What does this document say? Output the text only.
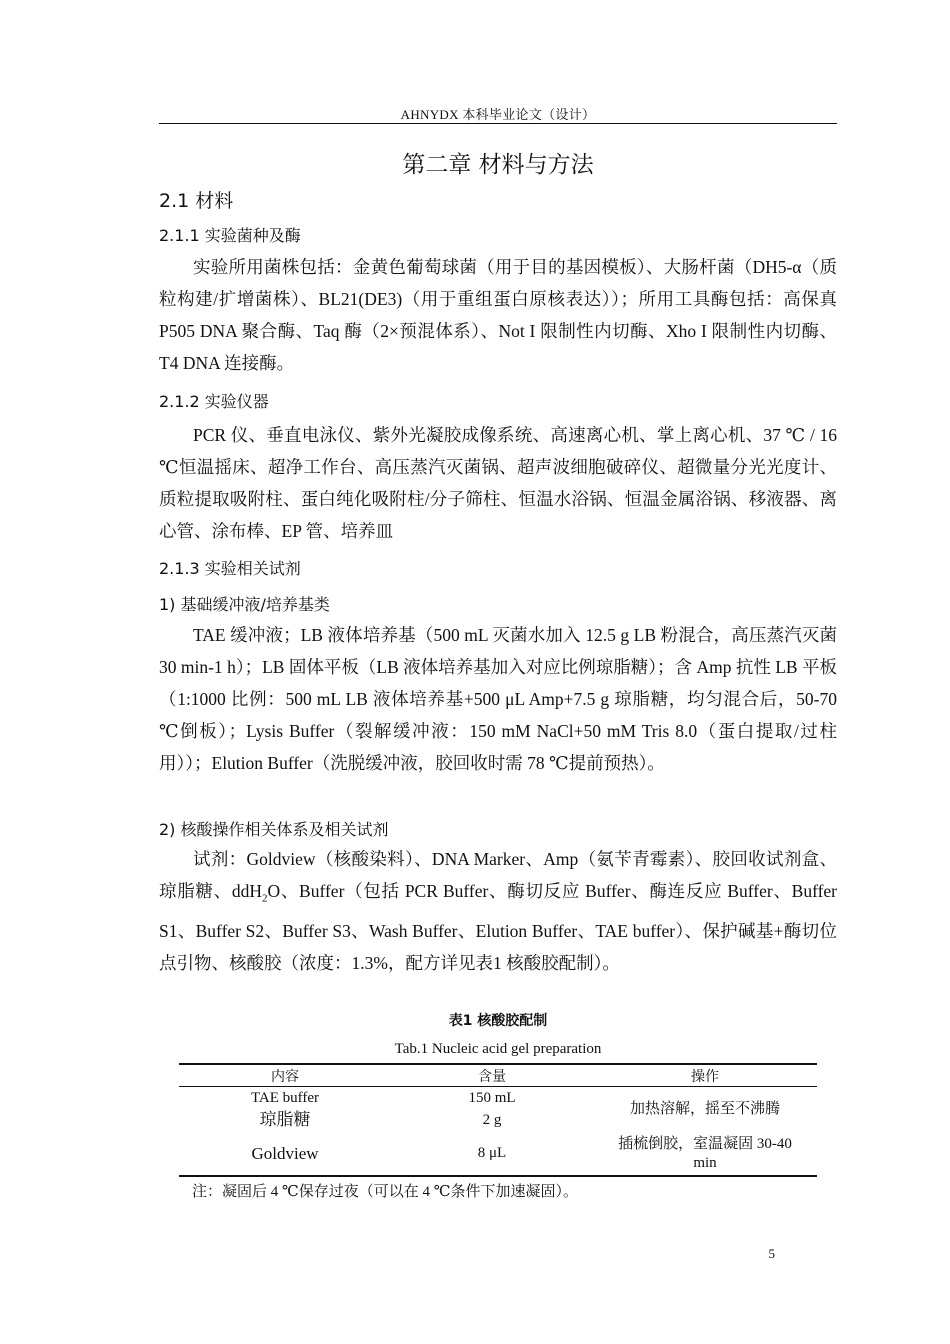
AHNYDX 本科毕业论文（设计）
第二章 材料与方法
2.1 材料
2.1.1 实验菌种及酶

实验所用菌株包括：金黄色葡萄球菌（用于目的基因模板）、大肠杆菌（DH5-α（质粒构建/扩增菌株）、BL21(DE3)（用于重组蛋白原核表达））；所用工具酶包括：高保真 P505 DNA 聚合酶、Taq 酶（2×预混体系）、Not I 限制性内切酶、Xho I 限制性内切酶、T4 DNA 连接酶。

2.1.2 实验仪器

PCR 仪、垂直电泳仪、紫外光凝胶成像系统、高速离心机、掌上离心机、37 ℃ / 16 ℃恒温摇床、超净工作台、高压蒸汽灭菌锅、超声波细胞破碎仪、超微量分光光度计、质粒提取吸附柱、蛋白纯化吸附柱/分子筛柱、恒温水浴锅、恒温金属浴锅、移液器、离心管、涂布棒、EP 管、培养皿

2.1.3 实验相关试剂
1) 基础缓冲液/培养基类

TAE 缓冲液；LB 液体培养基（500 mL 灭菌水加入 12.5 g LB 粉混合，高压蒸汽灭菌 30 min-1 h）；LB 固体平板（LB 液体培养基加入对应比例琼脂糖）；含 Amp 抗性 LB 平板（1:1000 比例：500 mL LB 液体培养基+500 μL Amp+7.5 g 琼脂糖，均匀混合后，50-70 ℃倒板）；Lysis Buffer（裂解缓冲液：150 mM NaCl+50 mM Tris 8.0（蛋白提取/过柱用））；Elution Buffer（洗脱缓冲液，胶回收时需 78 ℃提前预热）。

2) 核酸操作相关体系及相关试剂

试剂：Goldview（核酸染料）、DNA Marker、Amp（氨苄青霉素）、胶回收试剂盒、琼脂糖、ddH$_2$O、Buffer（包括 PCR Buffer、酶切反应 Buffer、酶连反应 Buffer、Buffer S1、Buffer S2、Buffer S3、Wash Buffer、Elution Buffer、TAE buffer）、保护碱基+酶切位点引物、核酸胶（浓度：1.3%，配方详见表1 核酸胶配制）。

表1 核酸胶配制
Tab.1 Nucleic acid gel preparation
内容	含量	操作
TAE buffer	150 mL	加热溶解，摇至不沸腾
琼脂糖	2 g	
Goldview	8 μL	插梳倒胶，室温凝固 30-40 min
注：凝固后 4 ℃保存过夜（可以在 4 ℃条件下加速凝固）。
5
